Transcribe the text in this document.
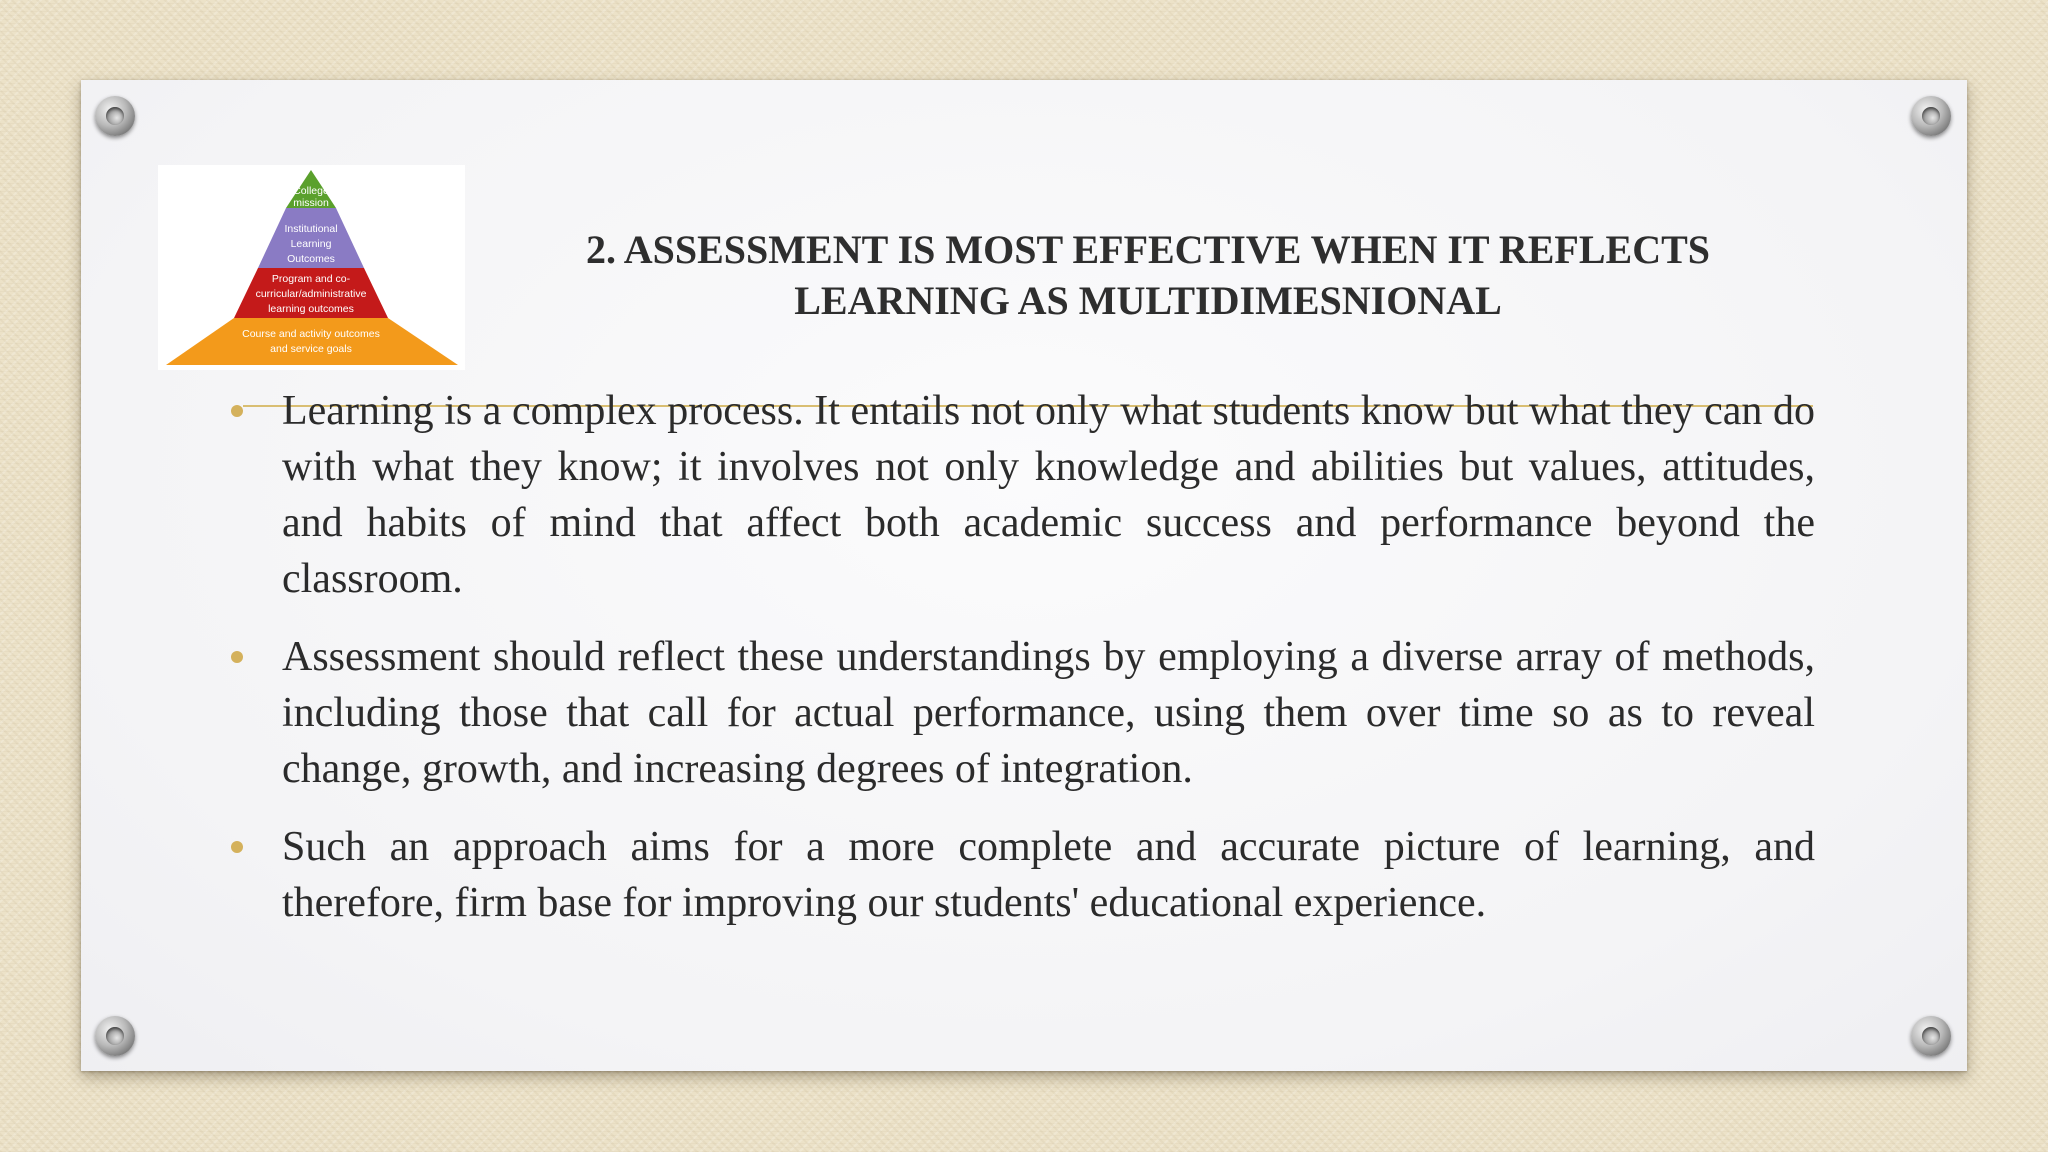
College
mission
Institutional
Learning
Outcomes
Program and co-
curricular/administrative
learning outcomes
Course and activity outcomes
and service goals
2. ASSESSMENT IS MOST EFFECTIVE WHEN IT REFLECTS
LEARNING AS MULTIDIMESNIONAL
Learning is a complex process. It entails not only what students know but what they can do with what they know; it involves not only knowledge and abilities but values, attitudes, and habits of mind that affect both academic success and performance beyond the classroom.
Assessment should reflect these understandings by employing a diverse array of methods, including those that call for actual performance, using them over time so as to reveal change, growth, and increasing degrees of integration.
Such an approach aims for a more complete and accurate picture of learning, and therefore, firm base for improving our students' educational experience.
